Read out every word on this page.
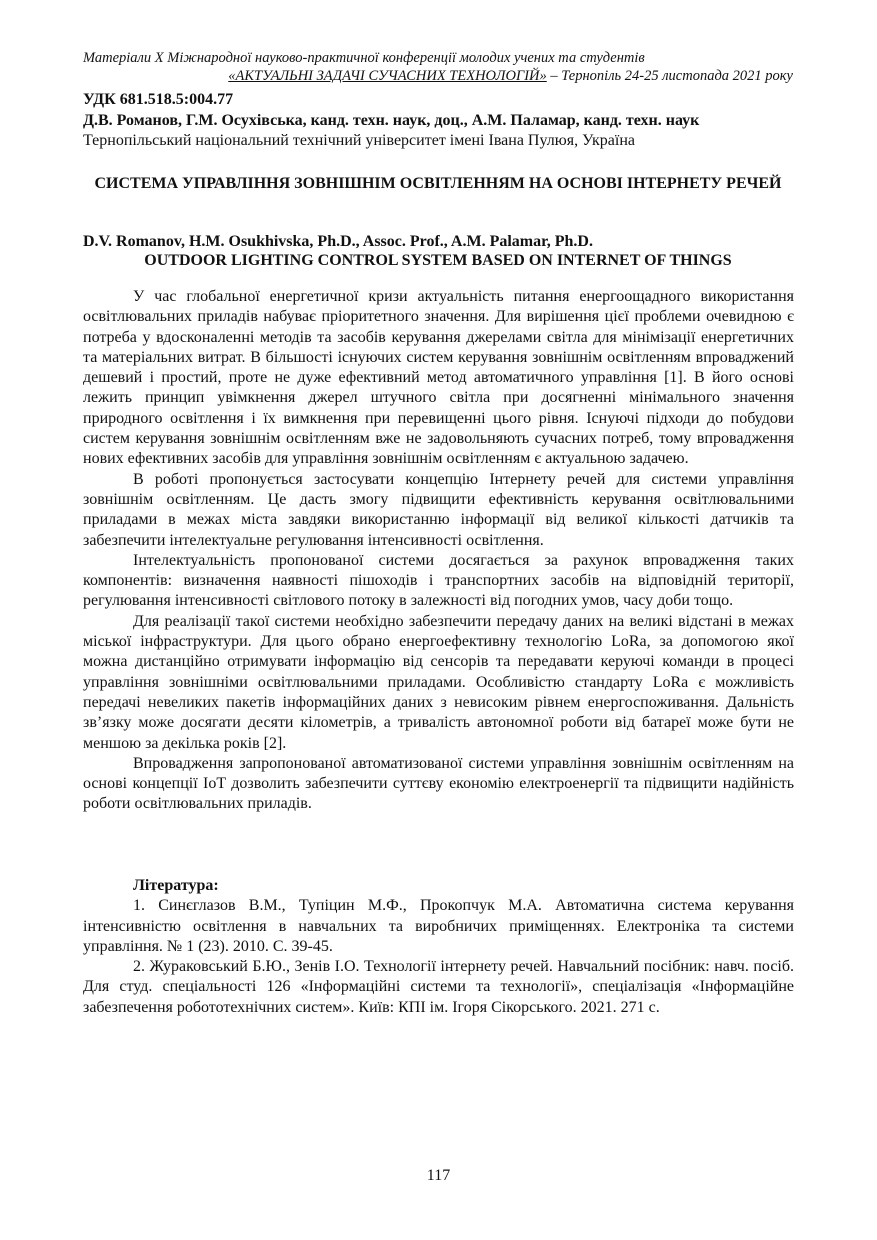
Матеріали X Міжнародної науково-практичної конференції молодих учених та студентів
«АКТУАЛЬНІ ЗАДАЧІ СУЧАСНИХ ТЕХНОЛОГІЙ» – Тернопіль 24-25 листопада 2021 року
УДК 681.518.5:004.77
Д.В. Романов, Г.М. Осухівська, канд. техн. наук, доц., А.М. Паламар, канд. техн. наук
Тернопільський національний технічний університет імені Івана Пулюя, Україна
СИСТЕМА УПРАВЛІННЯ ЗОВНІШНІМ ОСВІТЛЕННЯМ НА ОСНОВІ ІНТЕРНЕТУ РЕЧЕЙ
D.V. Romanov, H.M. Osukhivska, Ph.D., Assoc. Prof., A.M. Palamar, Ph.D.
OUTDOOR LIGHTING CONTROL SYSTEM BASED ON INTERNET OF THINGS

У час глобальної енергетичної кризи актуальність питання енергоощадного використання освітлювальних приладів набуває пріоритетного значення. Для вирішення цієї проблеми очевидною є потреба у вдосконаленні методів та засобів керування джерелами світла для мінімізації енергетичних та матеріальних витрат. В більшості існуючих систем керування зовнішнім освітленням впроваджений дешевий і простий, проте не дуже ефективний метод автоматичного управління [1]. В його основі лежить принцип увімкнення джерел штучного світла при досягненні мінімального значення природного освітлення і їх вимкнення при перевищенні цього рівня. Існуючі підходи до побудови систем керування зовнішнім освітленням вже не задовольняють сучасних потреб, тому впровадження нових ефективних засобів для управління зовнішнім освітленням є актуальною задачею.

В роботі пропонується застосувати концепцію Інтернету речей для системи управління зовнішнім освітленням. Це дасть змогу підвищити ефективність керування освітлювальними приладами в межах міста завдяки використанню інформації від великої кількості датчиків та забезпечити інтелектуальне регулювання інтенсивності освітлення.

Інтелектуальність пропонованої системи досягається за рахунок впровадження таких компонентів: визначення наявності пішоходів і транспортних засобів на відповідній території, регулювання інтенсивності світлового потоку в залежності від погодних умов, часу доби тощо.

Для реалізації такої системи необхідно забезпечити передачу даних на великі відстані в межах міської інфраструктури. Для цього обрано енергоефективну технологію LoRa, за допомогою якої можна дистанційно отримувати інформацію від сенсорів та передавати керуючі команди в процесі управління зовнішніми освітлювальними приладами. Особливістю стандарту LoRa є можливість передачі невеликих пакетів інформаційних даних з невисоким рівнем енергоспоживання. Дальність зв’язку може досягати десяти кілометрів, а тривалість автономної роботи від батареї може бути не меншою за декілька років [2].

Впровадження запропонованої автоматизованої системи управління зовнішнім освітленням на основі концепції IoT дозволить забезпечити суттєву економію електроенергії та підвищити надійність роботи освітлювальних приладів.

Література:

1. Синєглазов В.М., Тупіцин М.Ф., Прокопчук М.А. Автоматична система керування інтенсивністю освітлення в навчальних та виробничих приміщеннях. Електроніка та системи управління. № 1 (23). 2010. С. 39-45.

2. Жураковський Б.Ю., Зенів І.О. Технології інтернету речей. Навчальний посібник: навч. посіб. Для студ. спеціальності 126 «Інформаційні системи та технології», спеціалізація «Інформаційне забезпечення робототехнічних систем». Київ: КПІ ім. Ігоря Сікорського. 2021. 271 с.

117
